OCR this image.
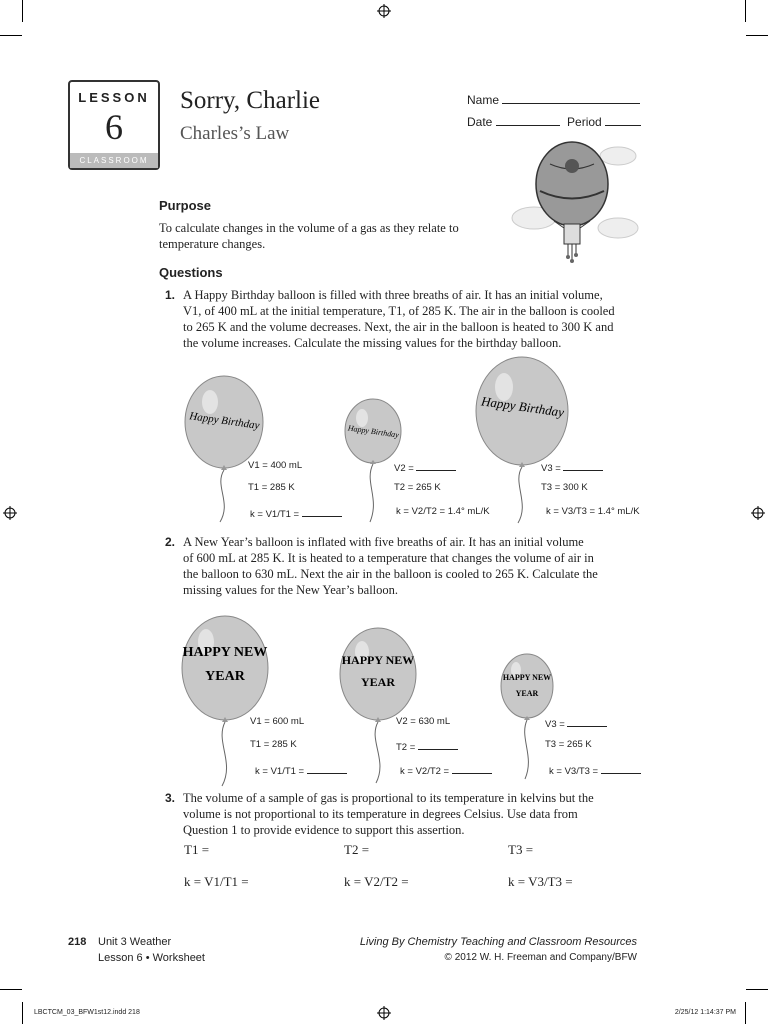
LESSON
6
CLASSROOM
Sorry, Charlie
Charles’s Law
Name
Date	Period
Purpose
To calculate changes in the volume of a gas as they relate to
temperature changes.
Questions
1. A Happy Birthday balloon is filled with three breaths of air. It has an initial volume,
V1, of 400 mL at the initial temperature, T1, of 285 K. The air in the balloon is cooled
to 265 K and the volume decreases. Next, the air in the balloon is heated to 300 K and
the volume increases. Calculate the missing values for the birthday balloon.
Happy Birthday	Happy Birthday
Happy Birthday
V1 = 400 mL
T1 = 285 K
k = V1/T1 =
V2 =
T2 = 265 K
k = V2/T2 = 1.4° mL/K
V3 =
T3 = 300 K
k = V3/T3 = 1.4° mL/K
2. A New Year’s balloon is inflated with five breaths of air. It has an initial volume
of 600 mL at 285 K. It is heated to a temperature that changes the volume of air in
the balloon to 630 mL. Next the air in the balloon is cooled to 265 K. Calculate the
missing values for the New Year’s balloon.
HAPPY NEW
YEAR
HAPPY NEW
YEAR	HAPPY NEW
YEAR
V1 = 600 mL
T1 = 285 K
k = V1/T1 =
V2 = 630 mL
T2 =
k = V2/T2 =
V3 =
T3 = 265 K
k = V3/T3 =
3. The volume of a sample of gas is proportional to its temperature in kelvins but the
volume is not proportional to its temperature in degrees Celsius. Use data from
Question 1 to provide evidence to support this assertion.
T1 =	T2 =	T3 =
k = V1/T1 =	k = V2/T2 =	k = V3/T3 =
218 Unit 3 Weather
Lesson 6 • Worksheet
Living By Chemistry Teaching and Classroom Resources
© 2012 W. H. Freeman and Company/BFW
LBCTCM_03_BFW1st12.indd 218	2/25/12 1:14:37 PM
